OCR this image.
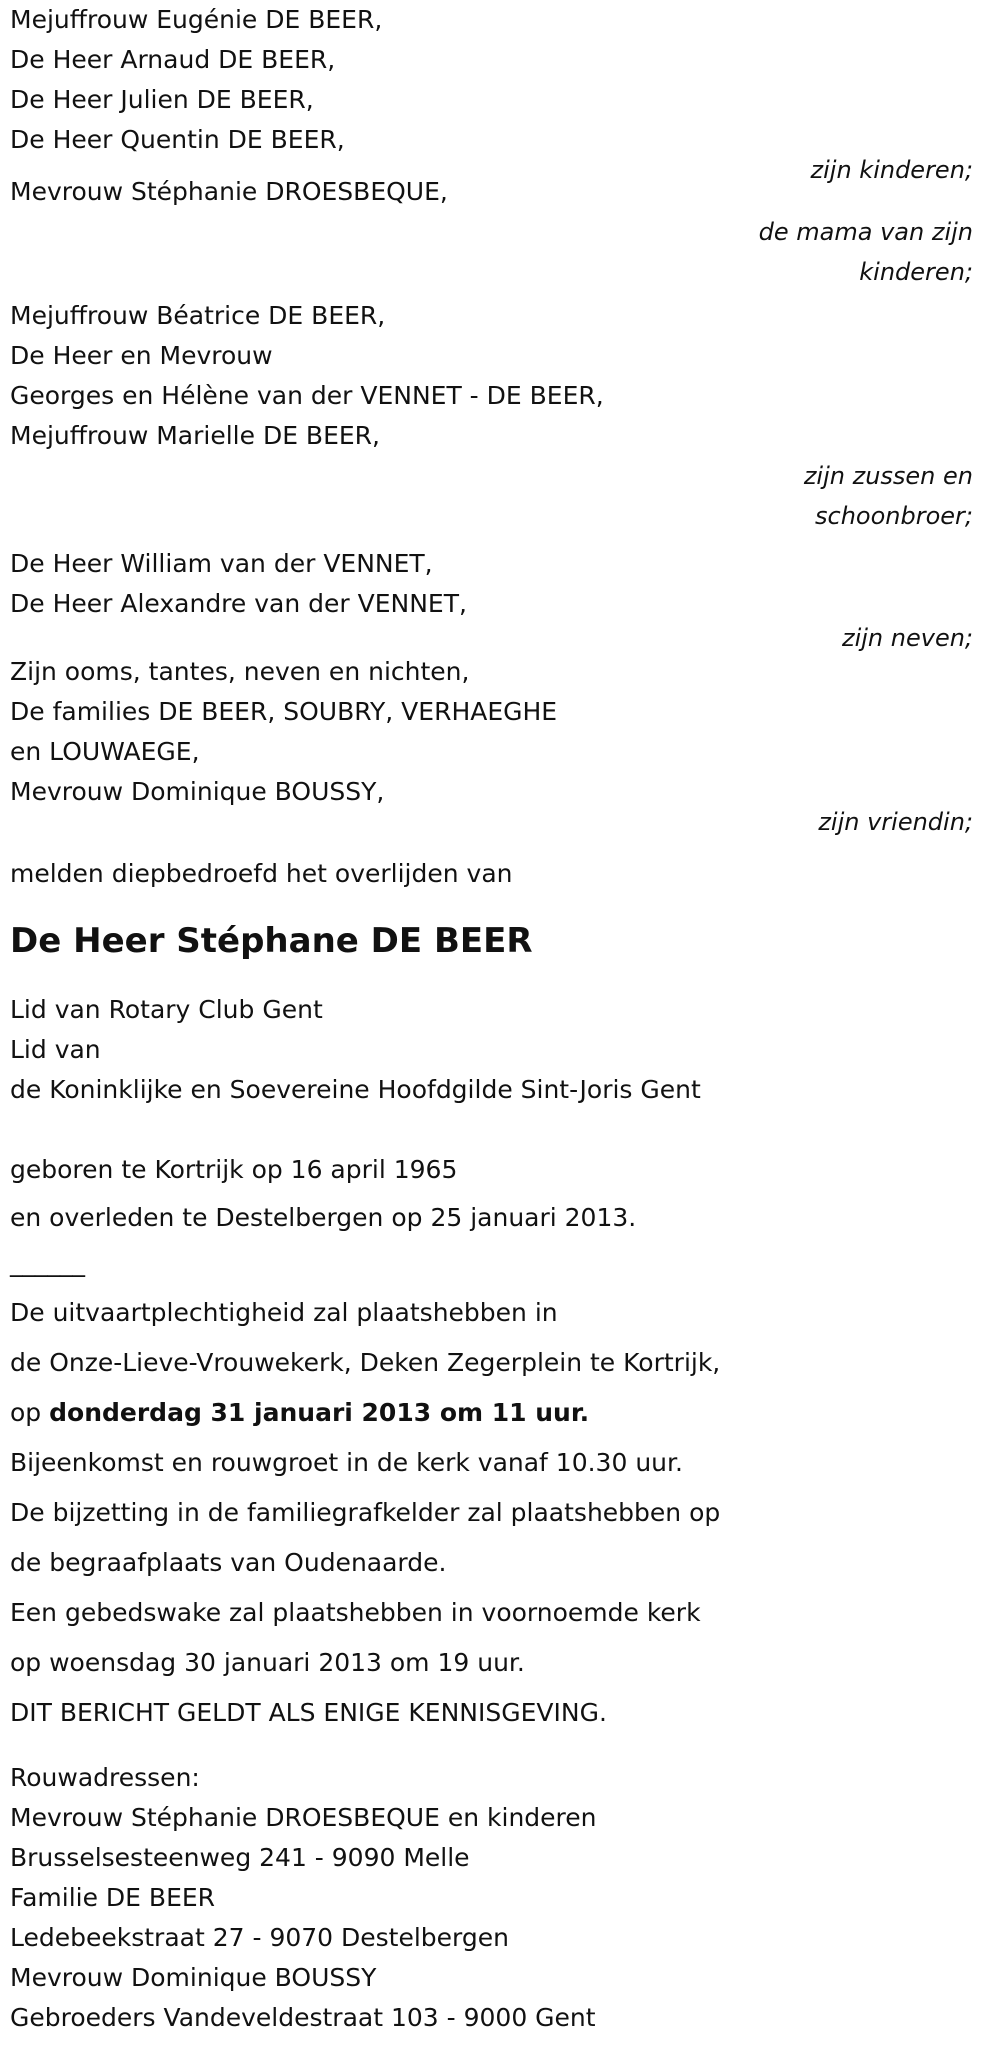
Mejuffrouw Eugénie DE BEER,
De Heer Arnaud DE BEER,
De Heer Julien DE BEER,
De Heer Quentin DE BEER,
zijn kinderen;
Mevrouw Stéphanie DROESBEQUE,
de mama van zijn
kinderen;
Mejuffrouw Béatrice DE BEER,
De Heer en Mevrouw
Georges en Hélène van der VENNET - DE BEER,
Mejuffrouw Marielle DE BEER,
zijn zussen en
schoonbroer;
De Heer William van der VENNET,
De Heer Alexandre van der VENNET,
zijn neven;
Zijn ooms, tantes, neven en nichten,
De families DE BEER, SOUBRY, VERHAEGHE
en LOUWAEGE,
Mevrouw Dominique BOUSSY,
zijn vriendin;
melden diepbedroefd het overlijden van
De Heer Stéphane DE BEER
Lid van Rotary Club Gent
Lid van
de Koninklijke en Soevereine Hoofdgilde Sint-Joris Gent
geboren te Kortrijk op 16 april 1965
en overleden te Destelbergen op 25 januari 2013.
______
De uitvaartplechtigheid zal plaatshebben in
de Onze-Lieve-Vrouwekerk, Deken Zegerplein te Kortrijk,
op donderdag 31 januari 2013 om 11 uur.
Bijeenkomst en rouwgroet in de kerk vanaf 10.30 uur.
De bijzetting in de familiegrafkelder zal plaatshebben op
de begraafplaats van Oudenaarde.
Een gebedswake zal plaatshebben in voornoemde kerk
op woensdag 30 januari 2013 om 19 uur.
DIT BERICHT GELDT ALS ENIGE KENNISGEVING.
Rouwadressen:
Mevrouw Stéphanie DROESBEQUE en kinderen
Brusselsesteenweg 241 - 9090 Melle
Familie DE BEER
Ledebeekstraat 27 - 9070 Destelbergen
Mevrouw Dominique BOUSSY
Gebroeders Vandeveldestraat 103 - 9000 Gent
